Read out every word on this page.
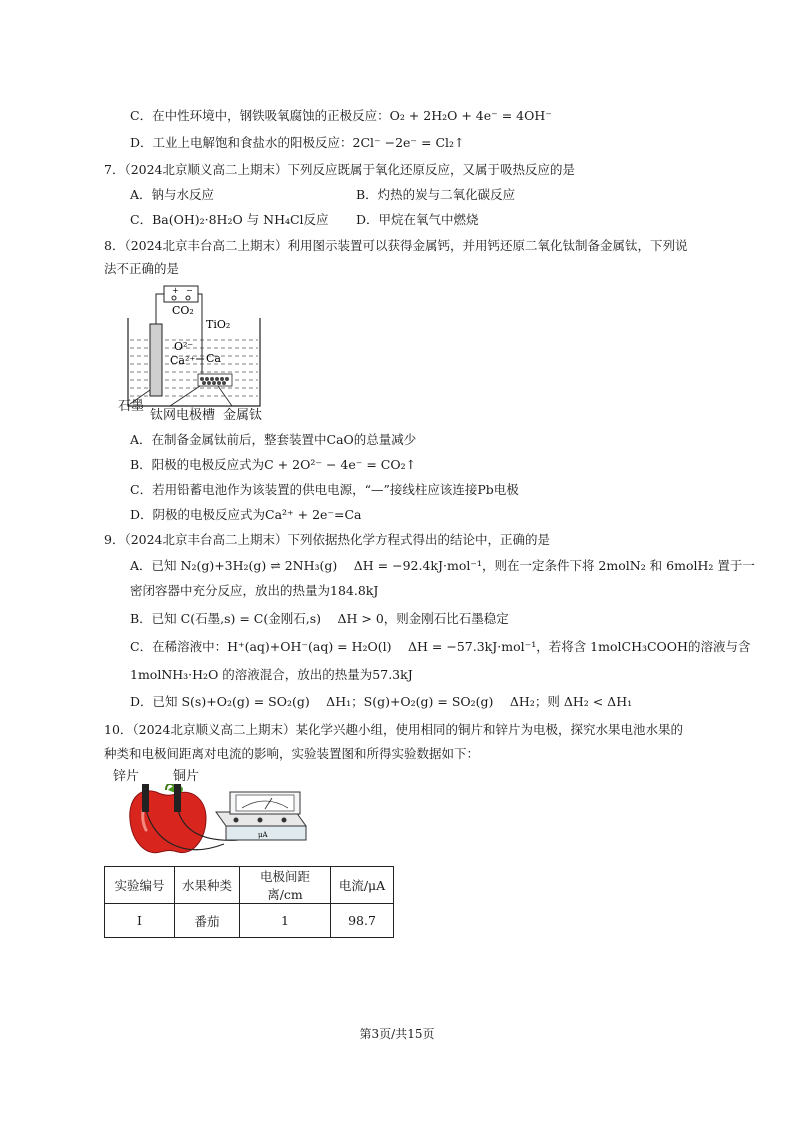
C．在中性环境中，钢铁吸氧腐蚀的正极反应：O₂ + 2H₂O + 4e⁻ = 4OH⁻
D．工业上电解饱和食盐水的阳极反应：2Cl⁻ −2e⁻ = Cl₂↑
7．（2024北京顺义高二上期末）下列反应既属于氧化还原反应，又属于吸热反应的是
A．钠与水反应	B．灼热的炭与二氧化碳反应
C．Ba(OH)₂·8H₂O 与 NH₄Cl反应 D．甲烷在氧气中燃烧
8．（2024北京丰台高二上期末）利用图示装置可以获得金属钙，并用钙还原二氧化钛制备金属钛，下列说
法不正确的是
+ −
CO₂
TiO₂
O²⁻
Ca²⁺ Ca
石墨
钛网电极槽 金属钛
A．在制备金属钛前后，整套装置中CaO的总量减少
B．阳极的电极反应式为C + 2O²⁻ − 4e⁻ = CO₂↑
C．若用铅蓄电池作为该装置的供电电源，“—”接线柱应该连接Pb电极
D．阴极的电极反应式为Ca²⁺ + 2e⁻=Ca
9．（2024北京丰台高二上期末）下列依据热化学方程式得出的结论中，正确的是
A．已知 N₂(g)+3H₂(g) ⇌ 2NH₃(g)　 ΔH = −92.4kJ·mol⁻¹，则在一定条件下将 2molN₂ 和 6molH₂ 置于一
密闭容器中充分反应，放出的热量为184.8kJ
B．已知 C(石墨,s) = C(金刚石,s)　 ΔH > 0，则金刚石比石墨稳定
C．在稀溶液中：H⁺(aq)+OH⁻(aq) = H₂O(l)　 ΔH = −57.3kJ·mol⁻¹，若将含 1molCH₃COOH的溶液与含
1molNH₃·H₂O 的溶液混合，放出的热量为57.3kJ
D．已知 S(s)+O₂(g) = SO₂(g)　 ΔH₁；S(g)+O₂(g) = SO₂(g)　 ΔH₂；则 ΔH₂ < ΔH₁
10．（2024北京顺义高二上期末）某化学兴趣小组，使用相同的铜片和锌片为电极，探究水果电池水果的
种类和电极间距离对电流的影响，实验装置图和所得实验数据如下：
锌片	铜片
μA
实验编号	水果种类	电极间距离/cm	电流/μA
I	番茄	1	98.7
第3页/共15页
